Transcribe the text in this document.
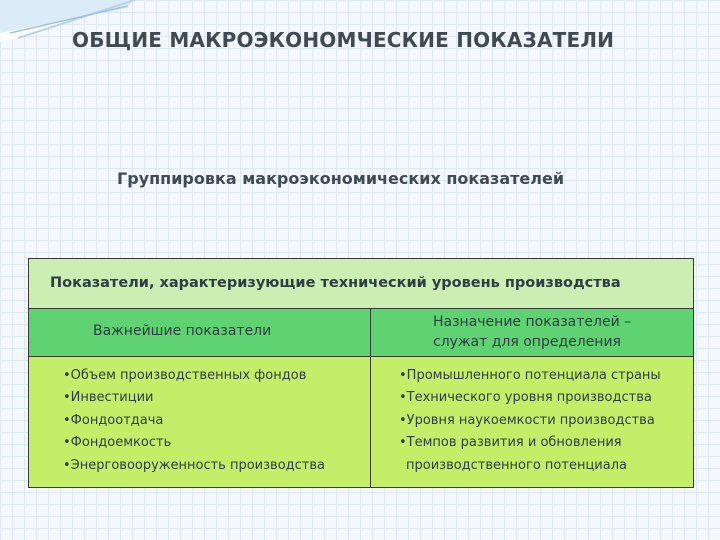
ОБЩИЕ МАКРОЭКОНОМЧЕСКИЕ ПОКАЗАТЕЛИ
Группировка макроэкономических показателей
Показатели, характеризующие технический уровень производства
Важнейшие показатели
Назначение показателей –
служат для определения
•Объем производственных фондов
•Инвестиции
•Фондоотдача
•Фондоемкость
•Энерговооруженность производства
•Промышленного потенциала страны
•Технического уровня производства
•Уровня наукоемкости производства
•Темпов развития и обновления
производственного потенциала
